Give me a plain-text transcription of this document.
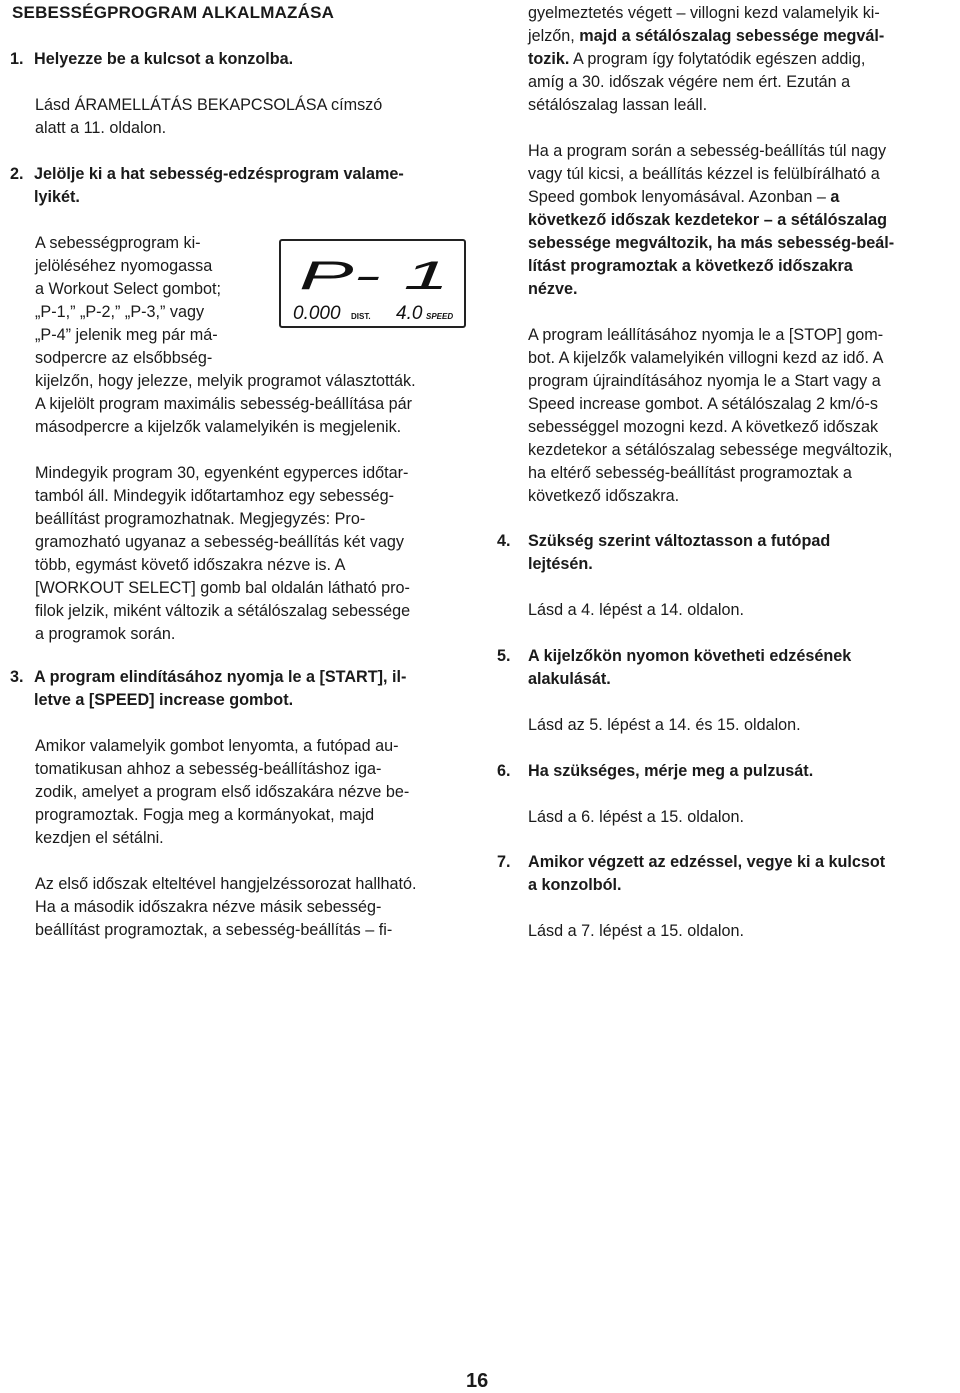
SEBESSÉGPROGRAM ALKALMAZÁSA
1. Helyezze be a kulcsot a konzolba.

Lásd ÁRAMELLÁTÁS BEKAPCSOLÁSA címszó
alatt a 11. oldalon.

2. Jelölje ki a hat sebesség-edzésprogram valame-
lyikét.

A sebességprogram ki-
jelöléséhez nyomogassa
a Workout Select gombot;
„P-1,” „P-2,” „P-3,” vagy
„P-4” jelenik meg pár má-
sodpercre az elsőbbség-

kijelzőn, hogy jelezze, melyik programot választották.
A kijelölt program maximális sebesség-beállítása pár
másodpercre a kijelzők valamelyikén is megjelenik.

Mindegyik program 30, egyenként egyperces időtar-
tamból áll. Mindegyik időtartamhoz egy sebesség-
beállítást programozhatnak. Megjegyzés: Pro-
gramozható ugyanaz a sebesség-beállítás két vagy
több, egymást követő időszakra nézve is. A
[WORKOUT SELECT] gomb bal oldalán látható pro-
filok jelzik, miként változik a sétálószalag sebessége
a programok során.

3. A program elindításához nyomja le a [START], il-
letve a [SPEED] increase gombot.

Amikor valamelyik gombot lenyomta, a futópad au-
tomatikusan ahhoz a sebesség-beállításhoz iga-
zodik, amelyet a program első időszakára nézve be-
programoztak. Fogja meg a kormányokat, majd
kezdjen el sétálni.

Az első időszak elteltével hangjelzéssorozat hallható.
Ha a második időszakra nézve másik sebesség-
beállítást programoztak, a sebesség-beállítás – fi-

P- 1
0.000 DIST. 4.0 SPEED

gyelmeztetés végett – villogni kezd valamelyik ki-

jelzőn, majd a sétálószalag sebessége megvál-

tozik. A program így folytatódik egészen addig,

amíg a 30. időszak végére nem ért. Ezután a
sétálószalag lassan leáll.

Ha a program során a sebesség-beállítás túl nagy
vagy túl kicsi, a beállítás kézzel is felülbírálható a
Speed gombok lenyomásával. Azonban – a

következő időszak kezdetekor – a sétálószalag
sebessége megváltozik, ha más sebesség-beál-
lítást programoztak a következő időszakra
nézve.

A program leállításához nyomja le a [STOP] gom-
bot. A kijelzők valamelyikén villogni kezd az idő. A
program újraindításához nyomja le a Start vagy a
Speed increase gombot. A sétálószalag 2 km/ó-s
sebességgel mozogni kezd. A következő időszak
kezdetekor a sétálószalag sebessége megváltozik,
ha eltérő sebesség-beállítást programoztak a
következő időszakra.

4. Szükség szerint változtasson a futópad
lejtésén.

Lásd a 4. lépést a 14. oldalon.

5. A kijelzőkön nyomon követheti edzésének
alakulását.

Lásd az 5. lépést a 14. és 15. oldalon.

6. Ha szükséges, mérje meg a pulzusát.

Lásd a 6. lépést a 15. oldalon.

7. Amikor végzett az edzéssel, vegye ki a kulcsot
a konzolból.

Lásd a 7. lépést a 15. oldalon.

16
